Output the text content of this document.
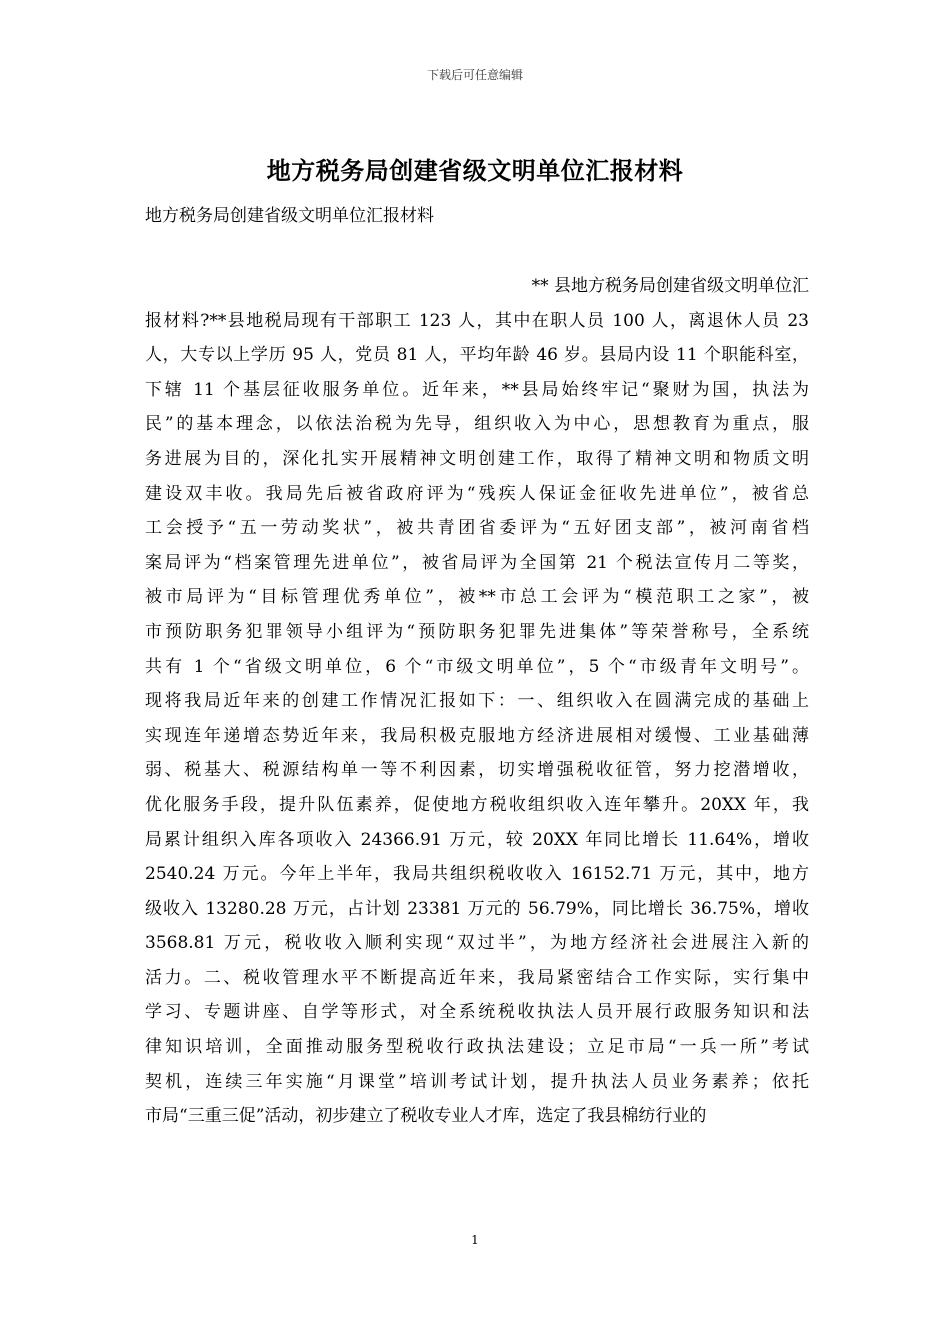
下载后可任意编辑
地方税务局创建省级文明单位汇报材料
地方税务局创建省级文明单位汇报材料
** 县地方税务局创建省级文明单位汇
报材料?**县地税局现有干部职工 123 人，其中在职人员 100 人，离退休人员 23
人，大专以上学历 95 人，党员 81 人，平均年龄 46 岁。县局内设 11 个职能科室，
下辖 11 个基层征收服务单位。近年来，**县局始终牢记“聚财为国，执法为
民”的基本理念，以依法治税为先导，组织收入为中心，思想教育为重点，服
务进展为目的，深化扎实开展精神文明创建工作，取得了精神文明和物质文明
建设双丰收。我局先后被省政府评为“残疾人保证金征收先进单位”，被省总
工会授予“五一劳动奖状”，被共青团省委评为“五好团支部”，被河南省档
案局评为“档案管理先进单位”，被省局评为全国第 21 个税法宣传月二等奖，
被市局评为“目标管理优秀单位”，被**市总工会评为“模范职工之家”，被
市预防职务犯罪领导小组评为“预防职务犯罪先进集体”等荣誉称号，全系统
共有 1 个“省级文明单位，6 个“市级文明单位”，5 个“市级青年文明号”。
现将我局近年来的创建工作情况汇报如下：一、组织收入在圆满完成的基础上
实现连年递增态势近年来，我局积极克服地方经济进展相对缓慢、工业基础薄
弱、税基大、税源结构单一等不利因素，切实增强税收征管，努力挖潜增收，
优化服务手段，提升队伍素养，促使地方税收组织收入连年攀升。20XX 年，我
局累计组织入库各项收入 24366.91 万元，较 20XX 年同比增长 11.64%，增收
2540.24 万元。今年上半年，我局共组织税收收入 16152.71 万元，其中，地方
级收入 13280.28 万元，占计划 23381 万元的 56.79%，同比增长 36.75%，增收
3568.81 万元，税收收入顺利实现“双过半”，为地方经济社会进展注入新的
活力。二、税收管理水平不断提高近年来，我局紧密结合工作实际，实行集中
学习、专题讲座、自学等形式，对全系统税收执法人员开展行政服务知识和法
律知识培训，全面推动服务型税收行政执法建设；立足市局“一兵一所”考试
契机，连续三年实施“月课堂”培训考试计划，提升执法人员业务素养；依托
市局“三重三促”活动，初步建立了税收专业人才库，选定了我县棉纺行业的
1
